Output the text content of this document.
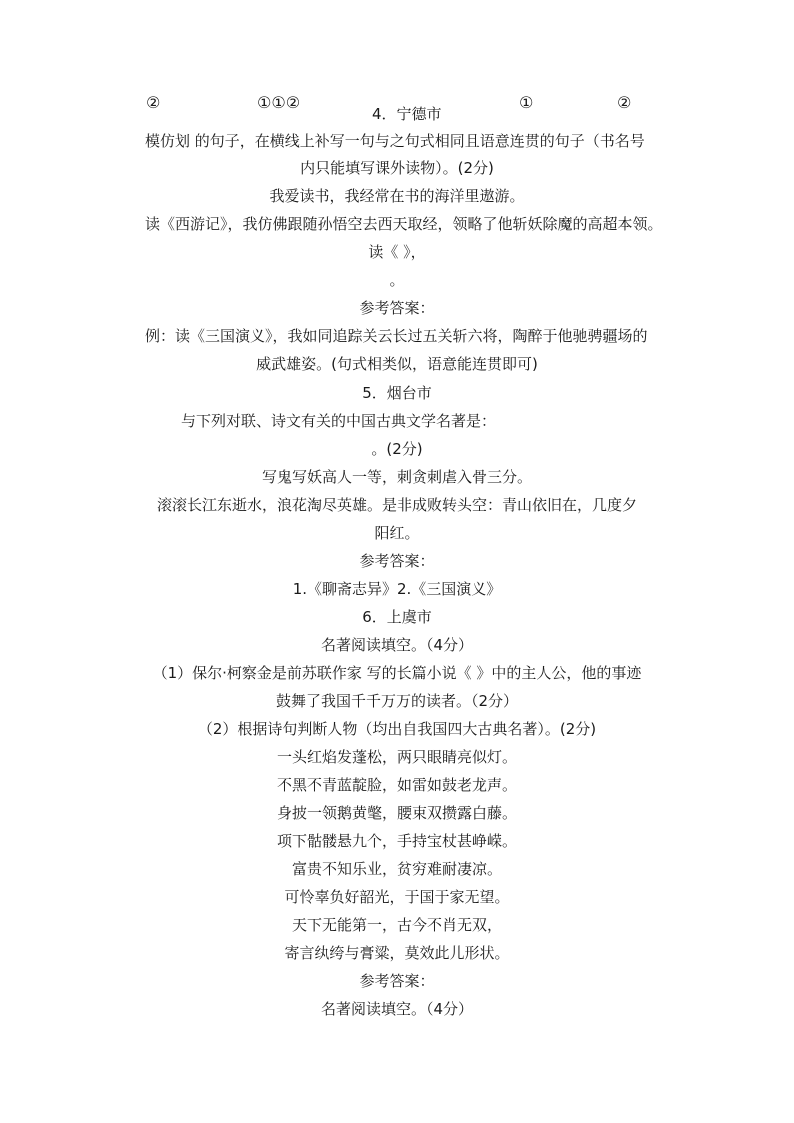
②	①①②	①	②
4．宁德市
模仿划 的句子，在横线上补写一句与之句式相同且语意连贯的句子（书名号
内只能填写课外读物）。(2分)
我爱读书，我经常在书的海洋里遨游。
读《西游记》，我仿佛跟随孙悟空去西天取经，领略了他斩妖除魔的高超本领。
读《 》，
。
参考答案：
例：读《三国演义》，我如同追踪关云长过五关斩六将，陶醉于他驰骋疆场的
威武雄姿。(句式相类似，语意能连贯即可)
5．烟台市
与下列对联、诗文有关的中国古典文学名著是：
。(2分)
写鬼写妖高人一等，刺贪刺虐入骨三分。
滚滚长江东逝水，浪花淘尽英雄。是非成败转头空：青山依旧在，几度夕
阳红。
参考答案：
1.《聊斋志异》2.《三国演义》
6．上虞市
名著阅读填空。（4分）
（1）保尔·柯察金是前苏联作家 写的长篇小说《 》中的主人公，他的事迹
鼓舞了我国千千万万的读者。（2分）
（2）根据诗句判断人物（均出自我国四大古典名著）。(2分)
一头红焰发蓬松，两只眼睛亮似灯。
不黑不青蓝靛脸，如雷如鼓老龙声。
身披一领鹅黄氅，腰束双攒露白藤。
项下骷髅悬九个，手持宝杖甚峥嵘。
富贵不知乐业，贫穷难耐凄凉。
可怜辜负好韶光，于国于家无望。
天下无能第一，古今不肖无双，
寄言纨绔与膏粱，莫效此儿形状。
参考答案：
名著阅读填空。（4分）
